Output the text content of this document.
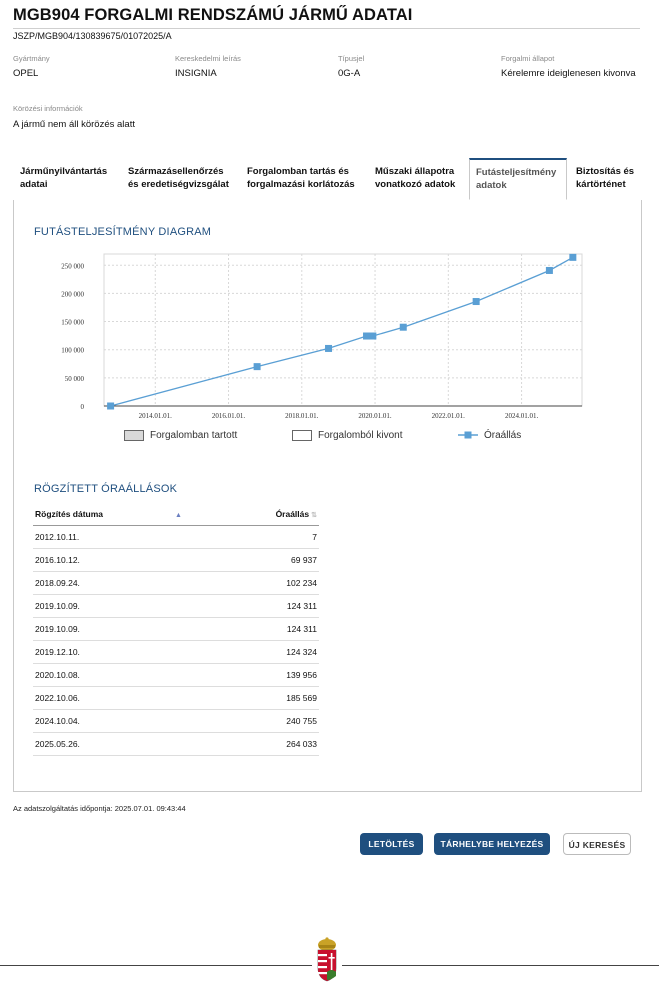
MGB904 FORGALMI RENDSZÁMÚ JÁRMŰ ADATAI
JSZP/MGB904/130839675/01072025/A
Gyártmány
OPEL
Kereskedelmi leírás
INSIGNIA
Típusjel
0G-A
Forgalmi állapot
Kérelemre ideiglenesen kivonva
Körözési információk
A jármű nem áll körözés alatt
Járműnyilvántartás
adatai
Származásellenőrzés
és eredetiségvizsgálat
Forgalomban tartás és
forgalmazási korlátozás
Műszaki állapotra
vonatkozó adatok
Futásteljesítmény
adatok
Biztosítás és
kártörténet
FUTÁSTELJESÍTMÉNY DIAGRAM
0
50 000
100 000
150 000
200 000
250 000
2014.01.01.	2016.01.01.	2018.01.01.	2020.01.01.	2022.01.01.	2024.01.01.
Forgalomban tartott	Forgalomból kivont	Óraállás
RÖGZÍTETT ÓRAÁLLÁSOK
Rögzítés dátuma ▲	Óraállás ⇅
2012.10.11.	7
2016.10.12.	69 937
2018.09.24.	102 234
2019.10.09.	124 311
2019.10.09.	124 311
2019.12.10.	124 324
2020.10.08.	139 956
2022.10.06.	185 569
2024.10.04.	240 755
2025.05.26.	264 033
Az adatszolgáltatás időpontja: 2025.07.01. 09:43:44
LETÖLTÉS	TÁRHELYBE HELYEZÉS	ÚJ KERESÉS
